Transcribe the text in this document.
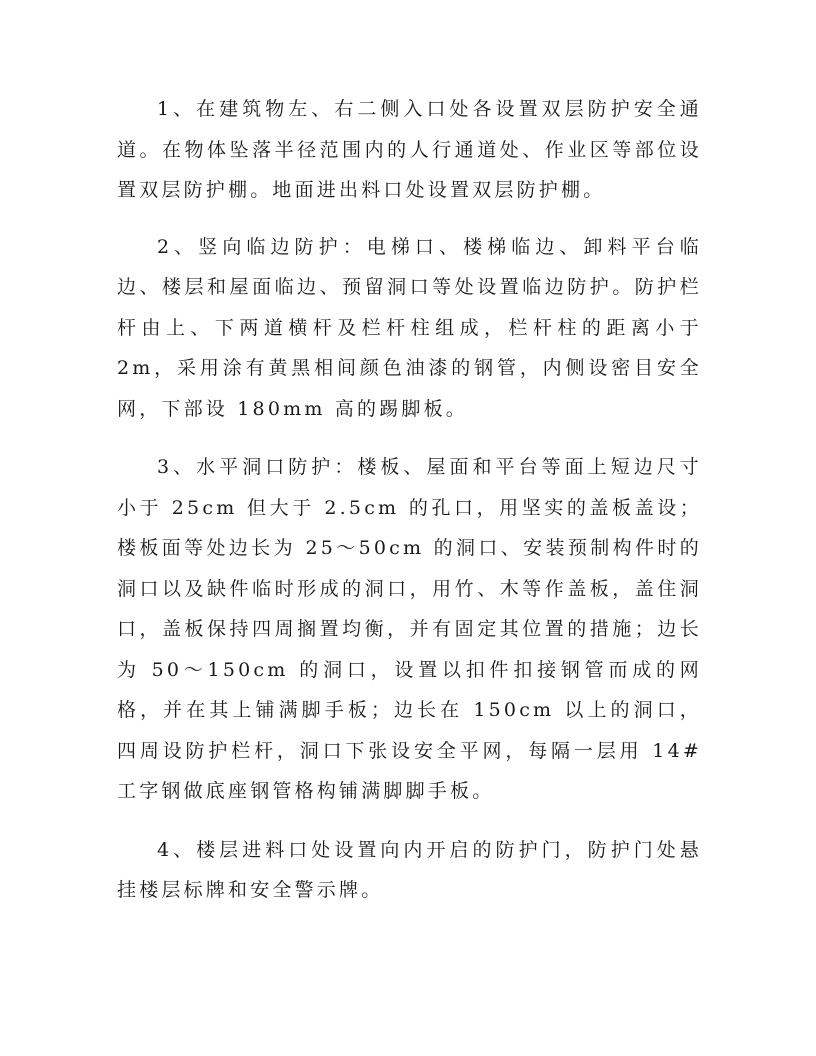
1、在建筑物左、右二侧入口处各设置双层防护安全通道。在物体坠落半径范围内的人行通道处、作业区等部位设置双层防护棚。地面进出料口处设置双层防护棚。

2、竖向临边防护：电梯口、楼梯临边、卸料平台临边、楼层和屋面临边、预留洞口等处设置临边防护。防护栏杆由上、下两道横杆及栏杆柱组成，栏杆柱的距离小于 2m，采用涂有黄黑相间颜色油漆的钢管，内侧设密目安全网，下部设 180mm 高的踢脚板。

3、水平洞口防护：楼板、屋面和平台等面上短边尺寸小于 25cm 但大于 2.5cm 的孔口，用坚实的盖板盖设；楼板面等处边长为 25～50cm 的洞口、安装预制构件时的洞口以及缺件临时形成的洞口，用竹、木等作盖板，盖住洞口，盖板保持四周搁置均衡，并有固定其位置的措施；边长为 50～150cm 的洞口，设置以扣件扣接钢管而成的网格，并在其上铺满脚手板；边长在 150cm 以上的洞口，四周设防护栏杆，洞口下张设安全平网，每隔一层用 14#工字钢做底座钢管格构铺满脚脚手板。

4、楼层进料口处设置向内开启的防护门，防护门处悬挂楼层标牌和安全警示牌。
